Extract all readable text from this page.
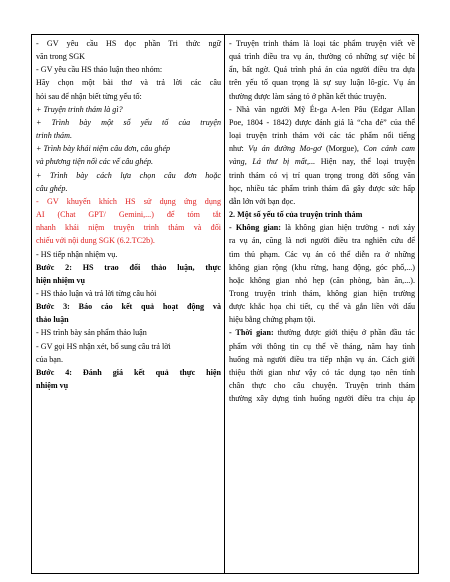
- GV yêu cầu HS đọc phần Tri thức ngữ
văn trong SGK
- GV yêu cầu HS thảo luận theo nhóm:
Hãy chọn một bài thơ và trả lời các câu
hỏi sau để nhận biết từng yếu tố:
+ Truyện trinh thám là gì?
+ Trình bày một số yếu tố của truyện
trinh thám.
+ Trình bày khái niệm câu đơn, câu ghép
và phương tiện nối các vế câu ghép.
+ Trình bày cách lựa chọn câu đơn hoặc
câu ghép.
- GV khuyến khích HS sử dụng ứng dụng
AI (Chat GPT/ Gemini,...) để tóm tắt
nhanh khái niệm truyện trinh thám và đối
chiếu với nội dung SGK (6.2.TC2b).
- HS tiếp nhận nhiệm vụ.
Bước 2: HS trao đổi thảo luận, thực
hiện nhiệm vụ
- HS thảo luận và trả lời từng câu hỏi
Bước 3: Báo cáo kết quả hoạt động và
thảo luận
- HS trình bày sản phẩm thảo luận
- GV gọi HS nhận xét, bổ sung câu trả lời
của bạn.
Bước 4: Đánh giá kết quả thực hiện
nhiệm vụ
- Truyện trinh thám là loại tác phẩm truyện viết về
quá trình điều tra vụ án, thường có những sự việc bí
ẩn, bất ngờ. Quá trình phá án của người điều tra dựa
trên yếu tố quan trọng là sự suy luận lô-gíc. Vụ án
thường được làm sáng tỏ ở phần kết thúc truyện.
- Nhà văn người Mỹ Ét-ga A-len Pâu (Edgar Allan
Poe, 1804 - 1842) được đánh giá là “cha đẻ” của thể
loại truyện trinh thám với các tác phẩm nổi tiếng
như: Vụ án đường Mo-gơ (Morgue), Con cánh cam
vàng, Lá thư bị mất,... Hiện nay, thể loại truyện
trinh thám có vị trí quan trọng trong đời sống văn
học, nhiều tác phẩm trinh thám đã gây được sức hấp
dẫn lớn với bạn đọc.
2. Một số yếu tố của truyện trinh thám
- Không gian: là không gian hiện trường - nơi xảy
ra vụ án, cũng là nơi người điều tra nghiên cứu để
tìm thủ phạm. Các vụ án có thể diễn ra ở những
không gian rộng (khu rừng, hang động, góc phố,...)
hoặc không gian nhỏ hẹp (căn phòng, bàn ăn,...).
Trong truyện trinh thám, không gian hiện trường
được khắc họa chi tiết, cụ thể và gắn liền với dấu
hiệu bằng chứng phạm tội.
- Thời gian: thường được giới thiệu ở phần đầu tác
phẩm với thông tin cụ thể về tháng, năm hay tình
huống mà người điều tra tiếp nhận vụ án. Cách giới
thiệu thời gian như vậy có tác dụng tạo nên tính
chân thực cho câu chuyện. Truyện trinh thám
thường xây dựng tình huống người điều tra chịu áp
